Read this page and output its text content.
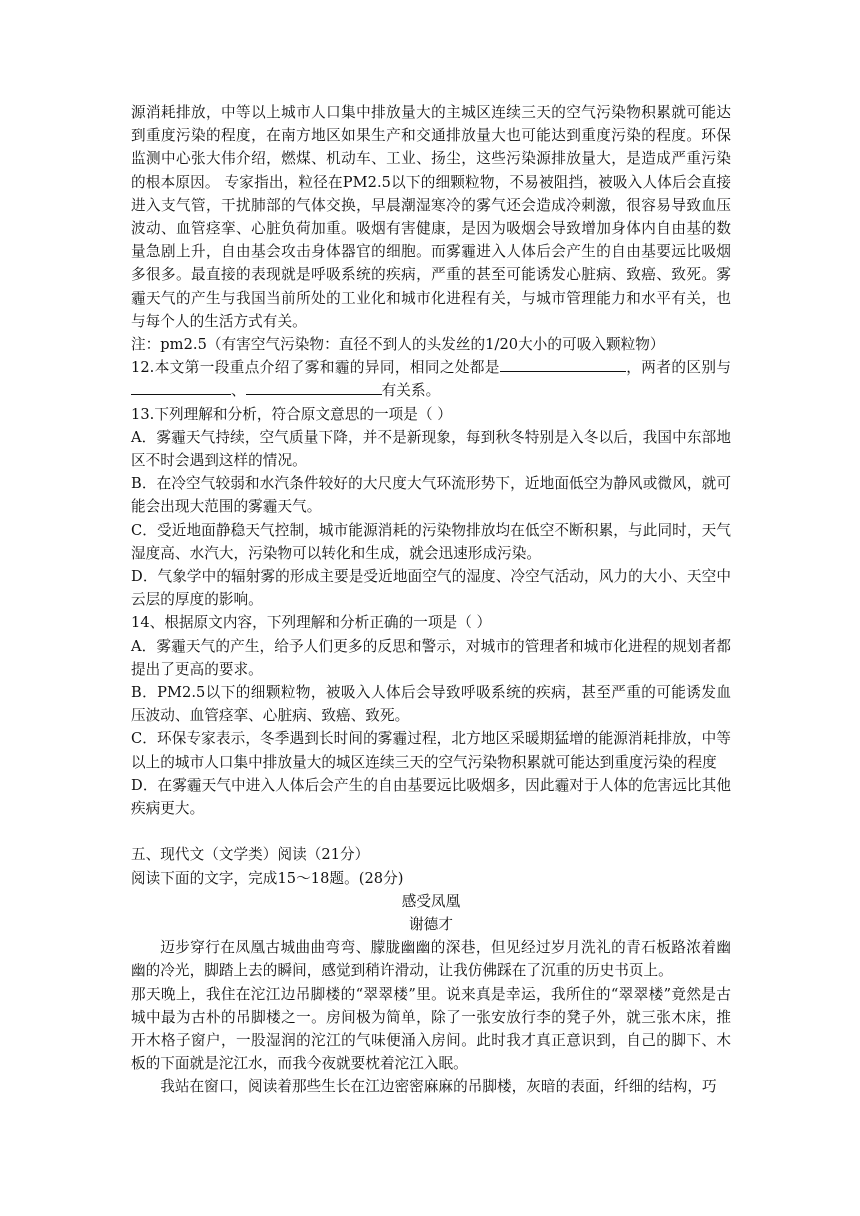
源消耗排放，中等以上城市人口集中排放量大的主城区连续三天的空气污染物积累就可能达到重度污染的程度，在南方地区如果生产和交通排放量大也可能达到重度污染的程度。环保监测中心张大伟介绍，燃煤、机动车、工业、扬尘，这些污染源排放量大，是造成严重污染的根本原因。 专家指出，粒径在PM2.5以下的细颗粒物，不易被阻挡，被吸入人体后会直接进入支气管，干扰肺部的气体交换，早晨潮湿寒冷的雾气还会造成冷刺激，很容易导致血压波动、血管痉挛、心脏负荷加重。吸烟有害健康，是因为吸烟会导致增加身体内自由基的数量急剧上升，自由基会攻击身体器官的细胞。而雾霾进入人体后会产生的自由基要远比吸烟多很多。最直接的表现就是呼吸系统的疾病，严重的甚至可能诱发心脏病、致癌、致死。雾霾天气的产生与我国当前所处的工业化和城市化进程有关，与城市管理能力和水平有关，也与每个人的生活方式有关。

注：pm2.5（有害空气污染物：直径不到人的头发丝的1/20大小的可吸入颗粒物）

12.本文第一段重点介绍了雾和霾的异同，相同之处都是	，两者的区别与、	有关系。

13.下列理解和分析，符合原文意思的一项是（ ）

A．雾霾天气持续，空气质量下降，并不是新现象，每到秋冬特别是入冬以后，我国中东部地区不时会遇到这样的情况。

B．在冷空气较弱和水汽条件较好的大尺度大气环流形势下，近地面低空为静风或微风，就可能会出现大范围的雾霾天气。

C．受近地面静稳天气控制，城市能源消耗的污染物排放均在低空不断积累，与此同时，天气湿度高、水汽大，污染物可以转化和生成，就会迅速形成污染。

D．气象学中的辐射雾的形成主要是受近地面空气的湿度、冷空气活动，风力的大小、天空中云层的厚度的影响。

14、根据原文内容，下列理解和分析正确的一项是（ ）

A．雾霾天气的产生，给予人们更多的反思和警示，对城市的管理者和城市化进程的规划者都提出了更高的要求。

B．PM2.5以下的细颗粒物，被吸入人体后会导致呼吸系统的疾病，甚至严重的可能诱发血压波动、血管痉挛、心脏病、致癌、致死。

C．环保专家表示，冬季遇到长时间的雾霾过程，北方地区采暖期猛增的能源消耗排放，中等以上的城市人口集中排放量大的城区连续三天的空气污染物积累就可能达到重度污染的程度

D．在雾霾天气中进入人体后会产生的自由基要远比吸烟多，因此霾对于人体的危害远比其他疾病更大。

五、现代文（文学类）阅读（21分）

阅读下面的文字，完成15～18题。(28分)

感受凤凰

谢德才

迈步穿行在凤凰古城曲曲弯弯、朦胧幽幽的深巷，但见经过岁月洗礼的青石板路浓着幽幽的冷光，脚踏上去的瞬间，感觉到稍许滑动，让我仿佛踩在了沉重的历史书页上。

那天晚上，我住在沱江边吊脚楼的“翠翠楼”里。说来真是幸运，我所住的“翠翠楼”竟然是古城中最为古朴的吊脚楼之一。房间极为简单，除了一张安放行李的凳子外，就三张木床，推开木格子窗户，一股湿润的沱江的气味便涌入房间。此时我才真正意识到，自己的脚下、木板的下面就是沱江水，而我今夜就要枕着沱江入眠。

我站在窗口，阅读着那些生长在江边密密麻麻的吊脚楼，灰暗的表面，纤细的结构，巧
